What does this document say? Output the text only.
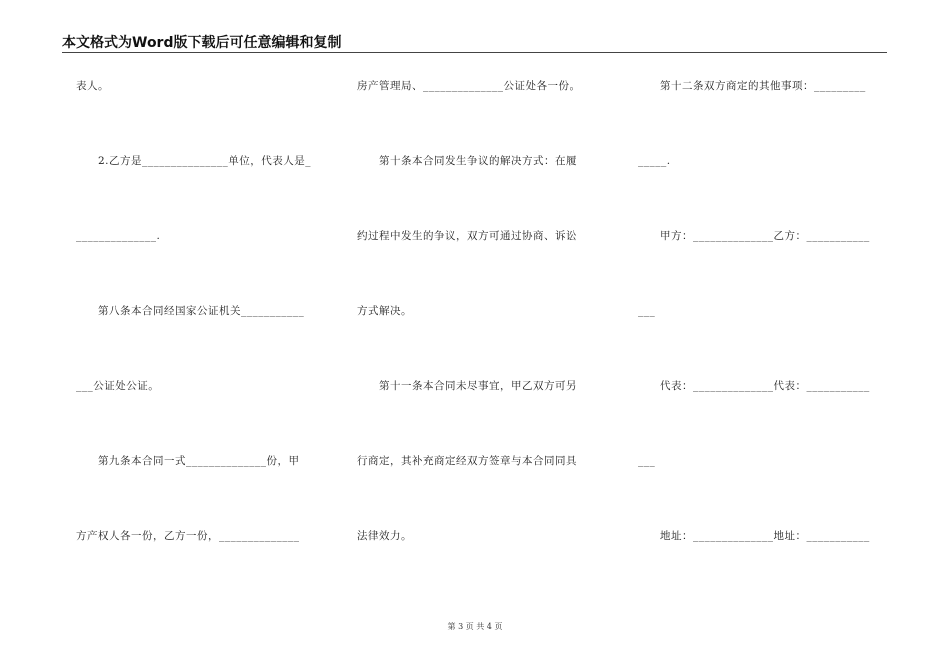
本文格式为Word版下载后可任意编辑和复制
表人。
　　2.乙方是_______________单位，代表人是_
______________.
　　第八条本合同经国家公证机关___________
___公证处公证。
　　第九条本合同一式______________份，甲
方产权人各一份，乙方一份，______________
房产管理局、______________公证处各一份。
　　第十条本合同发生争议的解决方式：在履
约过程中发生的争议，双方可通过协商、诉讼
方式解决。
　　第十一条本合同未尽事宜，甲乙双方可另
行商定，其补充商定经双方签章与本合同同具
法律效力。
　　第十二条双方商定的其他事项：_________
_____.
　　甲方：______________乙方：___________
___
　　代表：______________代表：___________
___
　　地址：______________地址：___________
第 3 页 共 4 页
